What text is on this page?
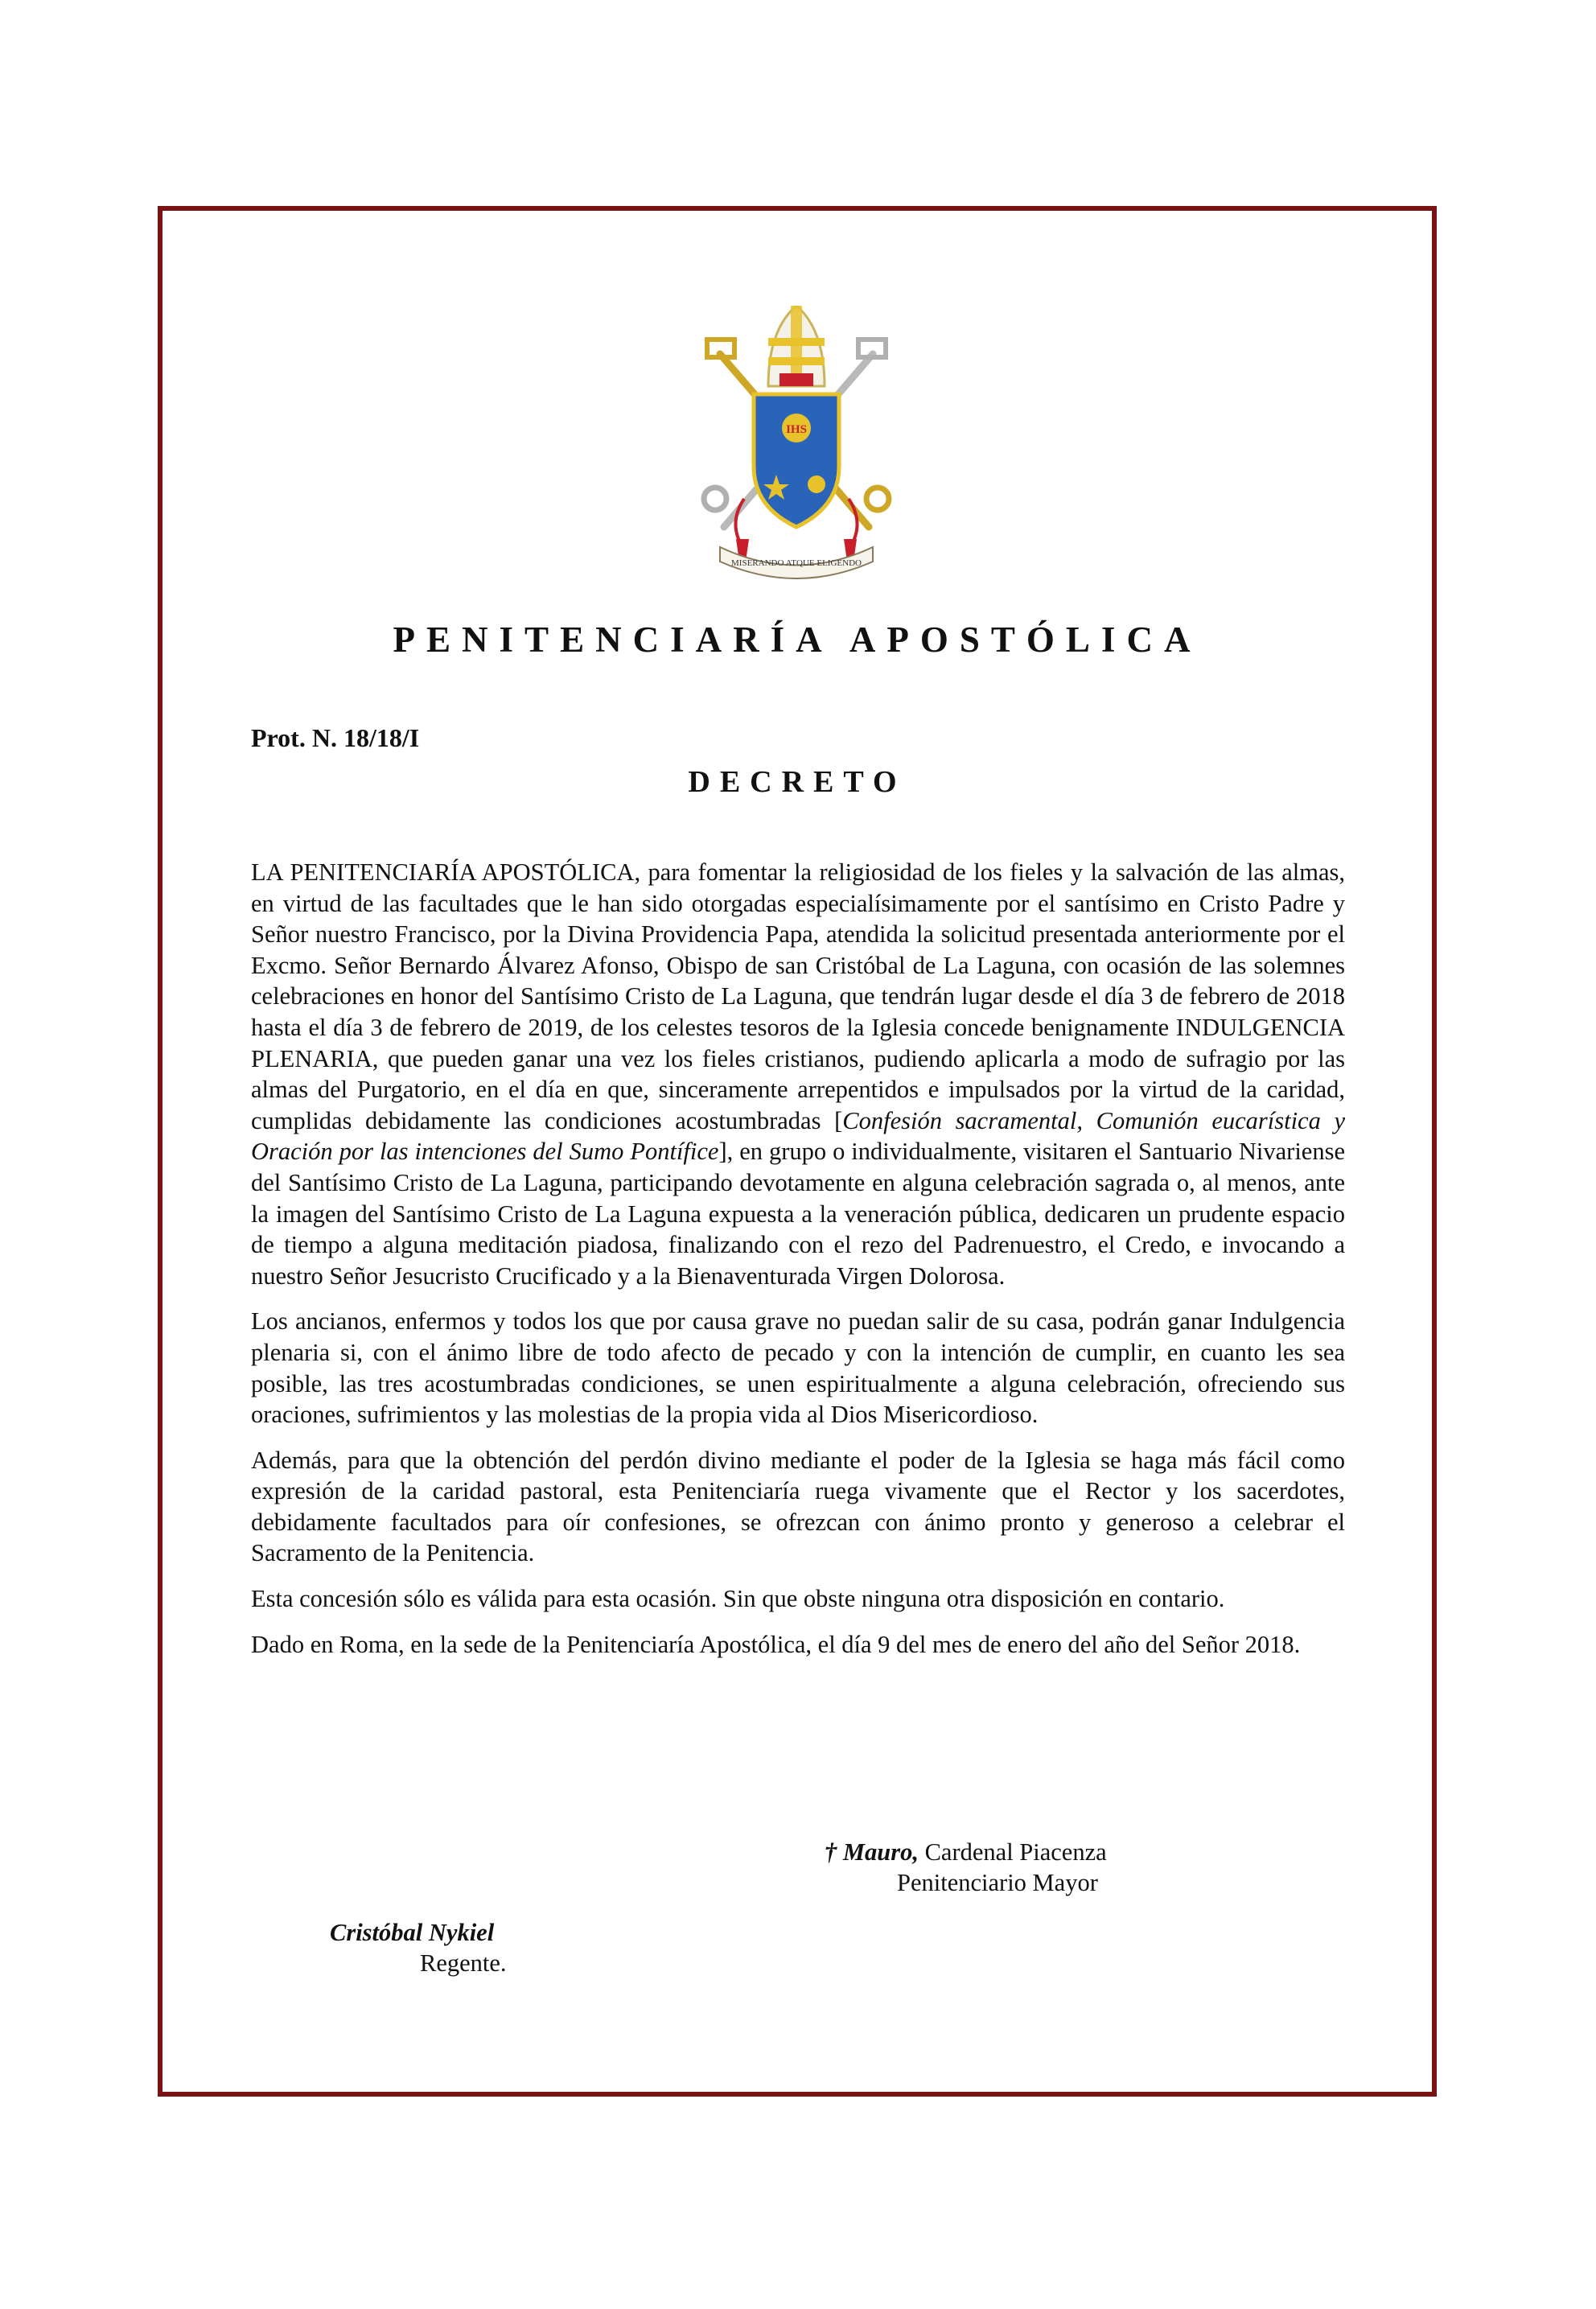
IHS
MISERANDO ATQUE ELIGENDO
PENITENCIARÍA APOSTÓLICA
Prot. N. 18/18/I
DECRETO

LA PENITENCIARÍA APOSTÓLICA, para fomentar la religiosidad de los fieles y la salvación de las almas, en virtud de las facultades que le han sido otorgadas especialísimamente por el santísimo en Cristo Padre y Señor nuestro Francisco, por la Divina Providencia Papa, atendida la solicitud presentada anteriormente por el Excmo. Señor Bernardo Álvarez Afonso, Obispo de san Cristóbal de La Laguna, con ocasión de las solemnes celebraciones en honor del Santísimo Cristo de La Laguna, que tendrán lugar desde el día 3 de febrero de 2018 hasta el día 3 de febrero de 2019, de los celestes tesoros de la Iglesia concede benignamente INDULGENCIA PLENARIA, que pueden ganar una vez los fieles cristianos, pudiendo aplicarla a modo de sufragio por las almas del Purgatorio, en el día en que, sinceramente arrepentidos e impulsados por la virtud de la caridad, cumplidas debidamente las condiciones acostumbradas [Confesión sacramental, Comunión eucarística y Oración por las intenciones del Sumo Pontífice], en grupo o individualmente, visitaren el Santuario Nivariense del Santísimo Cristo de La Laguna, participando devotamente en alguna celebración sagrada o, al menos, ante la imagen del Santísimo Cristo de La Laguna expuesta a la veneración pública, dedicaren un prudente espacio de tiempo a alguna meditación piadosa, finalizando con el rezo del Padrenuestro, el Credo, e invocando a nuestro Señor Jesucristo Crucificado y a la Bienaventurada Virgen Dolorosa.

Los ancianos, enfermos y todos los que por causa grave no puedan salir de su casa, podrán ganar Indulgencia plenaria si, con el ánimo libre de todo afecto de pecado y con la intención de cumplir, en cuanto les sea posible, las tres acostumbradas condiciones, se unen espiritualmente a alguna celebración, ofreciendo sus oraciones, sufrimientos y las molestias de la propia vida al Dios Misericordioso.

Además, para que la obtención del perdón divino mediante el poder de la Iglesia se haga más fácil como expresión de la caridad pastoral, esta Penitenciaría ruega vivamente que el Rector y los sacerdotes, debidamente facultados para oír confesiones, se ofrezcan con ánimo pronto y generoso a celebrar el Sacramento de la Penitencia.

Esta concesión sólo es válida para esta ocasión. Sin que obste ninguna otra disposición en contario.

Dado en Roma, en la sede de la Penitenciaría Apostólica, el día 9 del mes de enero del año del Señor 2018.

† Mauro, Cardenal Piacenza
Penitenciario Mayor
Cristóbal Nykiel
Regente.
